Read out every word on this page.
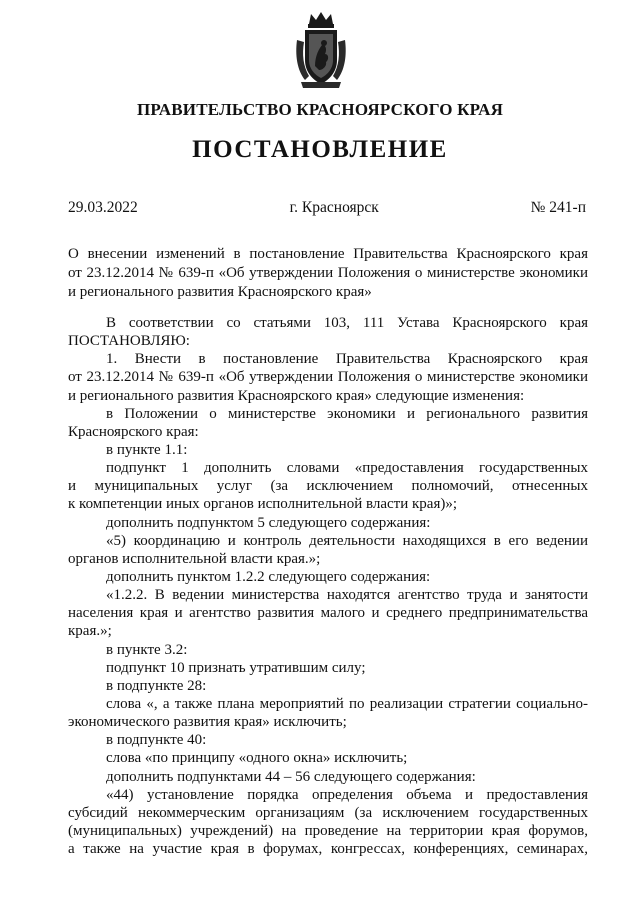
ПРАВИТЕЛЬСТВО КРАСНОЯРСКОГО КРАЯ
ПОСТАНОВЛЕНИЕ
29.03.2022	г. Красноярск	№ 241-п
О внесении изменений в постановление Правительства Красноярского края
от 23.12.2014 № 639-п «Об утверждении Положения о министерстве экономики
и регионального развития Красноярского края»
В соответствии со статьями 103, 111 Устава Красноярского края
ПОСТАНОВЛЯЮ:
1. Внести в постановление Правительства Красноярского края
от 23.12.2014 № 639-п «Об утверждении Положения о министерстве экономики
и регионального развития Красноярского края» следующие изменения:
в Положении о министерстве экономики и регионального развития
Красноярского края:
в пункте 1.1:
подпункт 1 дополнить словами «предоставления государственных
и муниципальных услуг (за исключением полномочий, отнесенных
к компетенции иных органов исполнительной власти края)»;
дополнить подпунктом 5 следующего содержания:
«5) координацию и контроль деятельности находящихся в его ведении
органов исполнительной власти края.»;
дополнить пунктом 1.2.2 следующего содержания:
«1.2.2. В ведении министерства находятся агентство труда и занятости
населения края и агентство развития малого и среднего предпринимательства
края.»;
в пункте 3.2:
подпункт 10 признать утратившим силу;
в подпункте 28:
слова «, а также плана мероприятий по реализации стратегии социально-
экономического развития края» исключить;
в подпункте 40:
слова «по принципу «одного окна» исключить;
дополнить подпунктами 44 – 56 следующего содержания:
«44) установление порядка определения объема и предоставления
субсидий некоммерческим организациям (за исключением государственных
(муниципальных) учреждений) на проведение на территории края форумов,
а также на участие края в форумах, конгрессах, конференциях, семинарах,
